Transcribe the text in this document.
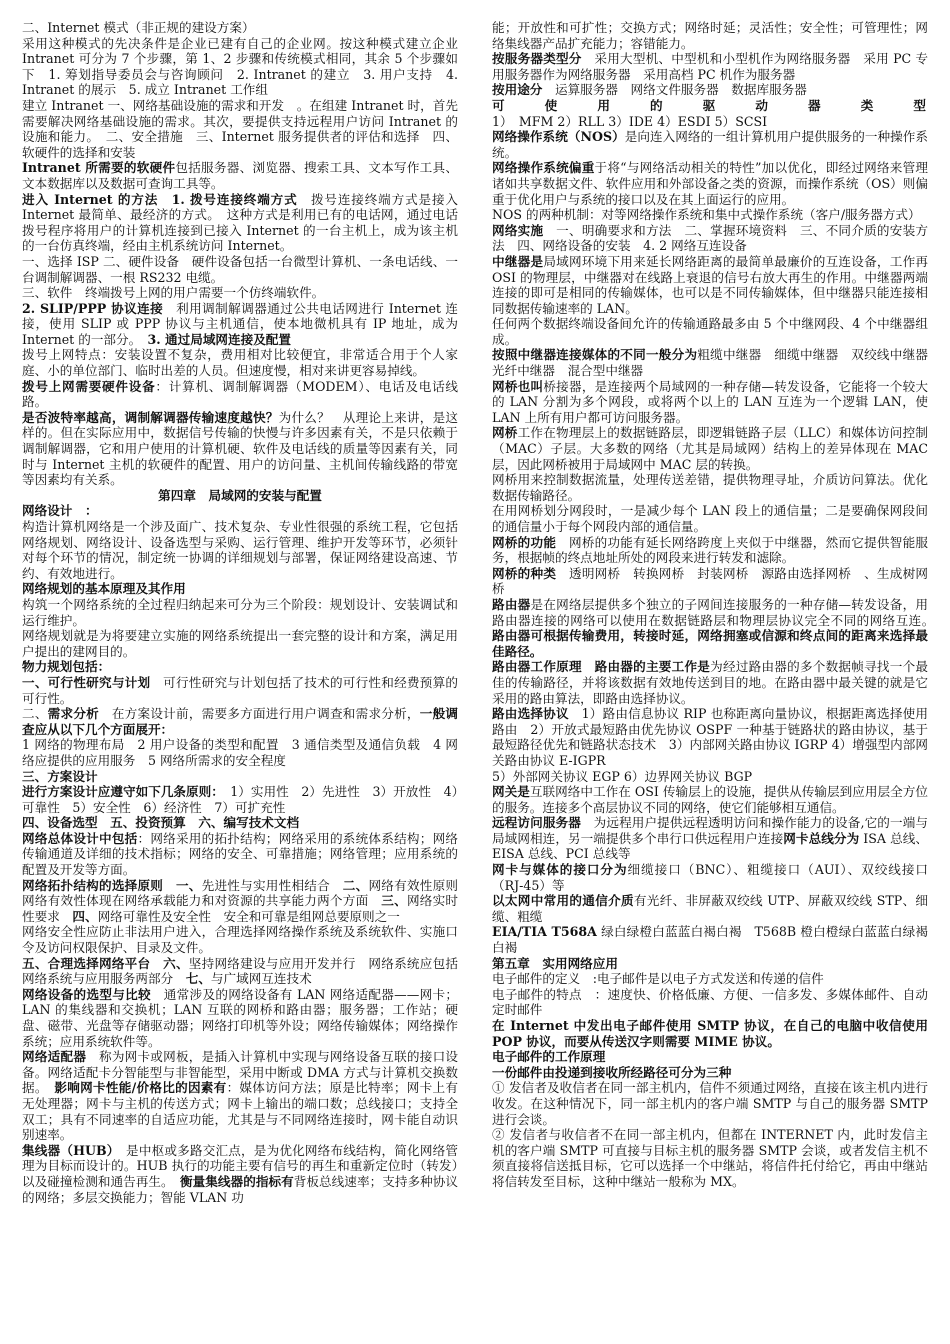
二、Internet 模式（非正规的建设方案）

采用这种模式的先决条件是企业已建有自己的企业网。按这种模式建立企业 Intranet 可分为 7 个步骤，第 1、2 步骤和传统模式相同，其余 5 个步骤如下　1. 筹划指导委员会与咨询顾问　2. Intranet 的建立　3. 用户支持　4. Intranet 的展示　5. 成立 Intranet 工作组

建立 Intranet 一、网络基础设施的需求和开发　。在组建 Intranet 时，首先需要解决网络基础设施的需求。其次，要提供支持远程用户访问 Intranet 的设施和能力。　二、安全措施　三、Internet 服务提供者的评估和选择　四、软硬件的选择和安装

Intranet 所需要的软硬件包括服务器、浏览器、搜索工具、文本写作工具、文本数据库以及数据可查询工具等。

进入 Internet 的方法　1. 拨号连接终端方式　拨号连接终端方式是接入 Internet 最简单、最经济的方式。　这种方式是利用已有的电话网，通过电话拨号程序将用户的计算机连接到已接入 Internet 的一台主机上，成为该主机的一台仿真终端，经由主机系统访问 Internet。

一、选择 ISP 二、硬件设备　硬件设备包括一台微型计算机、一条电话线、一台调制解调器、一根 RS232 电缆。

三、软件　终端拨号上网的用户需要一个仿终端软件。

2. SLIP/PPP 协议连接　利用调制解调器通过公共电话网进行 Internet 连接，使用 SLIP 或 PPP 协议与主机通信，使本地微机具有 IP 地址，成为 Internet 的一部分。　3. 通过局域网连接及配置

拨号上网特点：安装设置不复杂，费用相对比较便宜，非常适合用于个人家庭、小的单位部门、临时出差的人员。但速度慢，相对来讲更容易掉线。

拨号上网需要硬件设备：计算机、调制解调器（MODEM）、电话及电话线路。

是否波特率越高，调制解调器传输速度越快？为什么？　从理论上来讲，是这样的。但在实际应用中，数据信号传输的快慢与许多因素有关，不是只依赖于调制解调器，它和用户使用的计算机硬、软件及电话线的质量等因素有关，同时与 Internet 主机的软硬件的配置、用户的访问量、主机间传输线路的带宽等因素均有关系。

第四章　局域网的安装与配置

网络设计　：

构造计算机网络是一个涉及面广、技术复杂、专业性很强的系统工程，它包括网络规划、网络设计、设备选型与采购、运行管理、维护开发等环节，必须针对每个环节的情况，制定统一协调的详细规划与部署，保证网络建设高速、节约、有效地进行。

网络规划的基本原理及其作用

构筑一个网络系统的全过程归纳起来可分为三个阶段：规划设计、安装调试和运行维护。

网络规划就是为将要建立实施的网络系统提出一套完整的设计和方案，满足用户提出的建网目的。

物力规划包括：

一、可行性研究与计划　可行性研究与计划包括了技术的可行性和经费预算的可行性。

二、需求分析　在方案设计前，需要多方面进行用户调查和需求分析，一般调查应从以下几个方面展开：

1 网络的物理布局　2 用户设备的类型和配置　3 通信类型及通信负载　4 网络应提供的应用服务　5 网络所需求的安全程度

三、方案设计

进行方案设计应遵守如下几条原则：　1）实用性　2）先进性　3）开放性　4）可靠性　5）安全性　6）经济性　7）可扩充性

四、设备选型　五、投资预算　六、编写技术文档

网络总体设计中包括：网络采用的拓扑结构；网络采用的系统体系结构；网络传输通道及详细的技术指标；网络的安全、可靠措施；网络管理；应用系统的配置及开发等方面。

网络拓扑结构的选择原则　一、先进性与实用性相结合　二、网络有效性原则　网络有效性体现在网络承载能力和对资源的共享能力两个方面　三、网络实时性要求　四、网络可靠性及安全性　安全和可靠是组网总要原则之一

网络安全性应防止非法用户进入，合理选择网络操作系统及系统软件、实施口令及访问权限保护、目录及文件。

五、合理选择网络平台　六、坚持网络建设与应用开发并行　网络系统应包括网络系统与应用服务两部分　七、与广域网互连技术

网络设备的选型与比较　通常涉及的网络设备有 LAN 网络适配器——网卡；LAN 的集线器和交换机；LAN 互联的网桥和路由器；服务器；工作站；硬盘、磁带、光盘等存储驱动器；网络打印机等外设；网络传输媒体；网络操作系统；应用系统软件等。

网络适配器　称为网卡或网板，是插入计算机中实现与网络设备互联的接口设备。网络适配卡分智能型与非智能型，采用中断或 DMA 方式与计算机交换数据。　影响网卡性能/价格比的因素有：媒体访问方法；原是比特率；网卡上有无处理器；网卡与主机的传送方式；网卡上输出的端口数；总线接口；支持全双工；具有不同速率的自适应功能，尤其是与不同网络连接时，网卡能自动识别速率。

集线器（HUB）　是中枢或多路交汇点，是为优化网络布线结构，简化网络管理为目标而设计的。HUB 执行的功能主要有信号的再生和重新定位时（转发）以及碰撞检测和通告再生。　衡量集线器的指标有背板总线速率；支持多种协议的网络；多层交换能力；智能 VLAN 功

能；开放性和可扩性；交换方式；网络时延；灵活性；安全性；可管理性；网络集线器产品扩充能力；容错能力。

按服务器类型分　采用大型机、中型机和小型机作为网络服务器　采用 PC 专用服务器作为网络服务器　采用高档 PC 机作为服务器

按用途分　运算服务器　网络文件服务器　数据库服务器

可 使 用 的 驱 动 器 类 型

1）　MFM 2）RLL 3）IDE 4）ESDI 5）SCSI

网络操作系统（NOS）是向连入网络的一组计算机用户提供服务的一种操作系统。

网络操作系统偏重于将“与网络活动相关的特性”加以优化，即经过网络来管理诸如共享数据文件、软件应用和外部设备之类的资源，而操作系统（OS）则偏重于优化用户与系统的接口以及在其上面运行的应用。

NOS 的两种机制：对等网络操作系统和集中式操作系统（客户/服务器方式）

网络实施　一、明确要求和方法　二、掌握环境资料　三、不同介质的安装方法　四、网络设备的安装　4. 2 网络互连设备

中继器是局域网环境下用来延长网络距离的最简单最廉价的互连设备，工作再 OSI 的物理层，中继器对在线路上衰退的信号右放大再生的作用。中继器两端连接的即可是相同的传输媒体，也可以是不同传输媒体，但中继器只能连接相同数据传输速率的 LAN。

任何两个数据终端设备间允许的传输通路最多由 5 个中继网段、4 个中继器组成。

按照中继器连接媒体的不同一般分为粗缆中继器　细缆中继器　双绞线中继器　光纤中继器　混合型中继器

网桥也叫桥接器，是连接两个局域网的一种存储—转发设备，它能将一个较大的 LAN 分割为多个网段，或将两个以上的 LAN 互连为一个逻辑 LAN，使 LAN 上所有用户都可访问服务器。

网桥工作在物理层上的数据链路层，即逻辑链路子层（LLC）和媒体访问控制（MAC）子层。大多数的网络（尤其是局域网）结构上的差异体现在 MAC 层，因此网桥被用于局域网中 MAC 层的转换。

网桥用来控制数据流量，处理传送差错，提供物理寻址，介质访问算法。优化数据传输路径。

在用网桥划分网段时，一是减少每个 LAN 段上的通信量；二是要确保网段间的通信量小于每个网段内部的通信量。

网桥的功能　网桥的功能有延长网络跨度上夹似于中继器，然而它提供智能服务，根据帧的终点地址所处的网段来进行转发和滤除。

网桥的种类　透明网桥　转换网桥　封装网桥　源路由选择网桥　、生成树网桥

路由器是在网络层提供多个独立的子网间连接服务的一种存储—转发设备，用路由器连接的网络可以使用在数据链路层和物理层协议完全不同的网络互连。　路由器可根据传输费用，转接时延，网络拥塞或信源和终点间的距离来选择最佳路径。

路由器工作原理　路由器的主要工作是为经过路由器的多个数据帧寻找一个最佳的传输路径，并将该数据有效地传送到目的地。在路由器中最关键的就是它采用的路由算法，即路由选择协议。

路由选择协议　1）路由信息协议 RIP 也称距离向量协议，根据距离选择使用路由　2）开放式最短路由优先协议 OSPF 一种基于链路状的路由协议，基于最短路径优先和链路状态技术　3）内部网关路由协议 IGRP 4）增强型内部网关路由协议 E-IGPR

5）外部网关协议 EGP 6）边界网关协议 BGP

网关是互联网络中工作在 OSI 传输层上的设施，提供从传输层到应用层全方位的服务。连接多个高层协议不同的网络，使它们能够相互通信。

远程访问服务器　为远程用户提供远程透明访问和操作能力的设备,它的一端与局域网相连，另一端提供多个串行口供远程用户连接网卡总线分为 ISA 总线、EISA 总线、PCI 总线等

网卡与媒体的接口分为细缆接口（BNC）、粗缆接口（AUI）、双绞线接口（RJ-45）等

以太网中常用的通信介质有光纤、非屏蔽双绞线 UTP、屏蔽双绞线 STP、细缆、粗缆

EIA/TIA T568A 绿白绿橙白蓝蓝白褐白褐　T568B 橙白橙绿白蓝蓝白绿褐白褐

第五章　实用网络应用

电子邮件的定义　:电子邮件是以电子方式发送和传递的信件

电子邮件的特点　：速度快、价格低廉、方便、一信多发、多媒体邮件、自动定时邮件

在 Internet 中发出电子邮件使用 SMTP 协议，在自己的电脑中收信使用 POP 协议，而要从传送汉字则需要 MIME 协议。

电子邮件的工作原理

一份邮件由投递到接收所经路径可分为三种

① 发信者及收信者在同一部主机内，信件不须通过网络，直接在该主机内进行收发。在这种情况下，同一部主机内的客户端 SMTP 与自己的服务器 SMTP 进行会谈。

② 发信者与收信者不在同一部主机内，但都在 INTERNET 内，此时发信主机的客户端 SMTP 可直接与目标主机的服务器 SMTP 会谈，或者发信主机不须直接将信送抵目标，它可以选择一个中继站，将信件托付给它，再由中继站将信转发至目标，这种中继站一般称为 MX。
